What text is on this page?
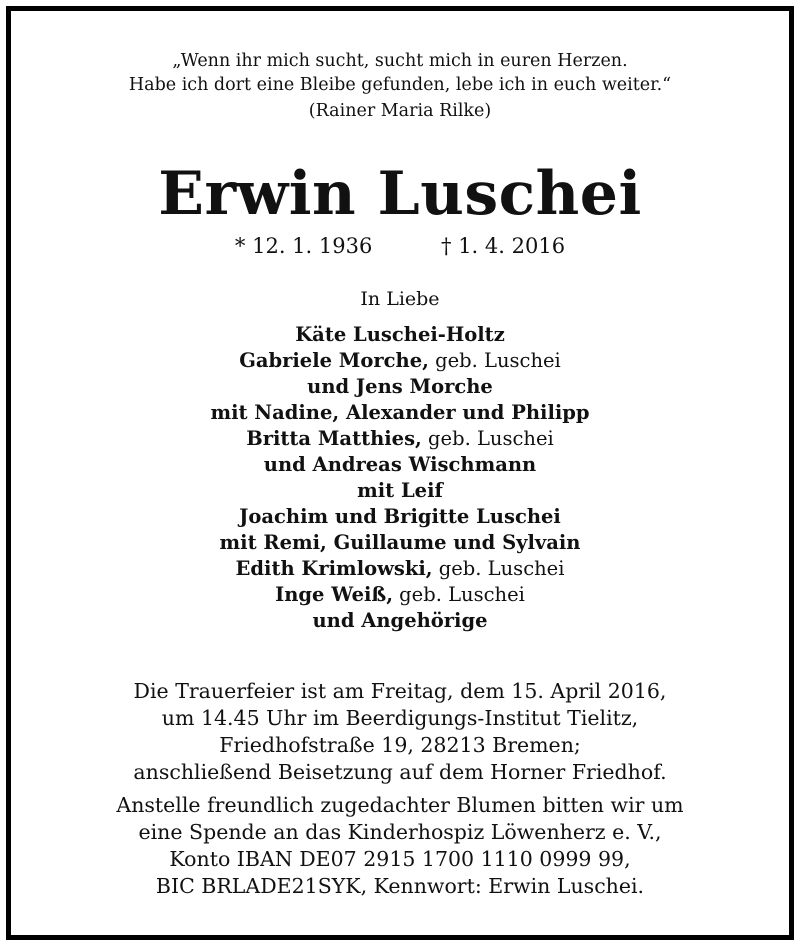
„Wenn ihr mich sucht, sucht mich in euren Herzen.
Habe ich dort eine Bleibe gefunden, lebe ich in euch weiter.“
(Rainer Maria Rilke)
Erwin Luschei
* 12. 1. 1936	† 1. 4. 2016
In Liebe
Käte Luschei-Holtz
Gabriele Morche, geb. Luschei
und Jens Morche
mit Nadine, Alexander und Philipp
Britta Matthies, geb. Luschei
und Andreas Wischmann
mit Leif
Joachim und Brigitte Luschei
mit Remi, Guillaume und Sylvain
Edith Krimlowski, geb. Luschei
Inge Weiß, geb. Luschei
und Angehörige
Die Trauerfeier ist am Freitag, dem 15. April 2016,
um 14.45 Uhr im Beerdigungs-Institut Tielitz,
Friedhofstraße 19, 28213 Bremen;
anschließend Beisetzung auf dem Horner Friedhof.
Anstelle freundlich zugedachter Blumen bitten wir um
eine Spende an das Kinderhospiz Löwenherz e. V.,
Konto IBAN DE07 2915 1700 1110 0999 99,
BIC BRLADE21SYK, Kennwort: Erwin Luschei.
